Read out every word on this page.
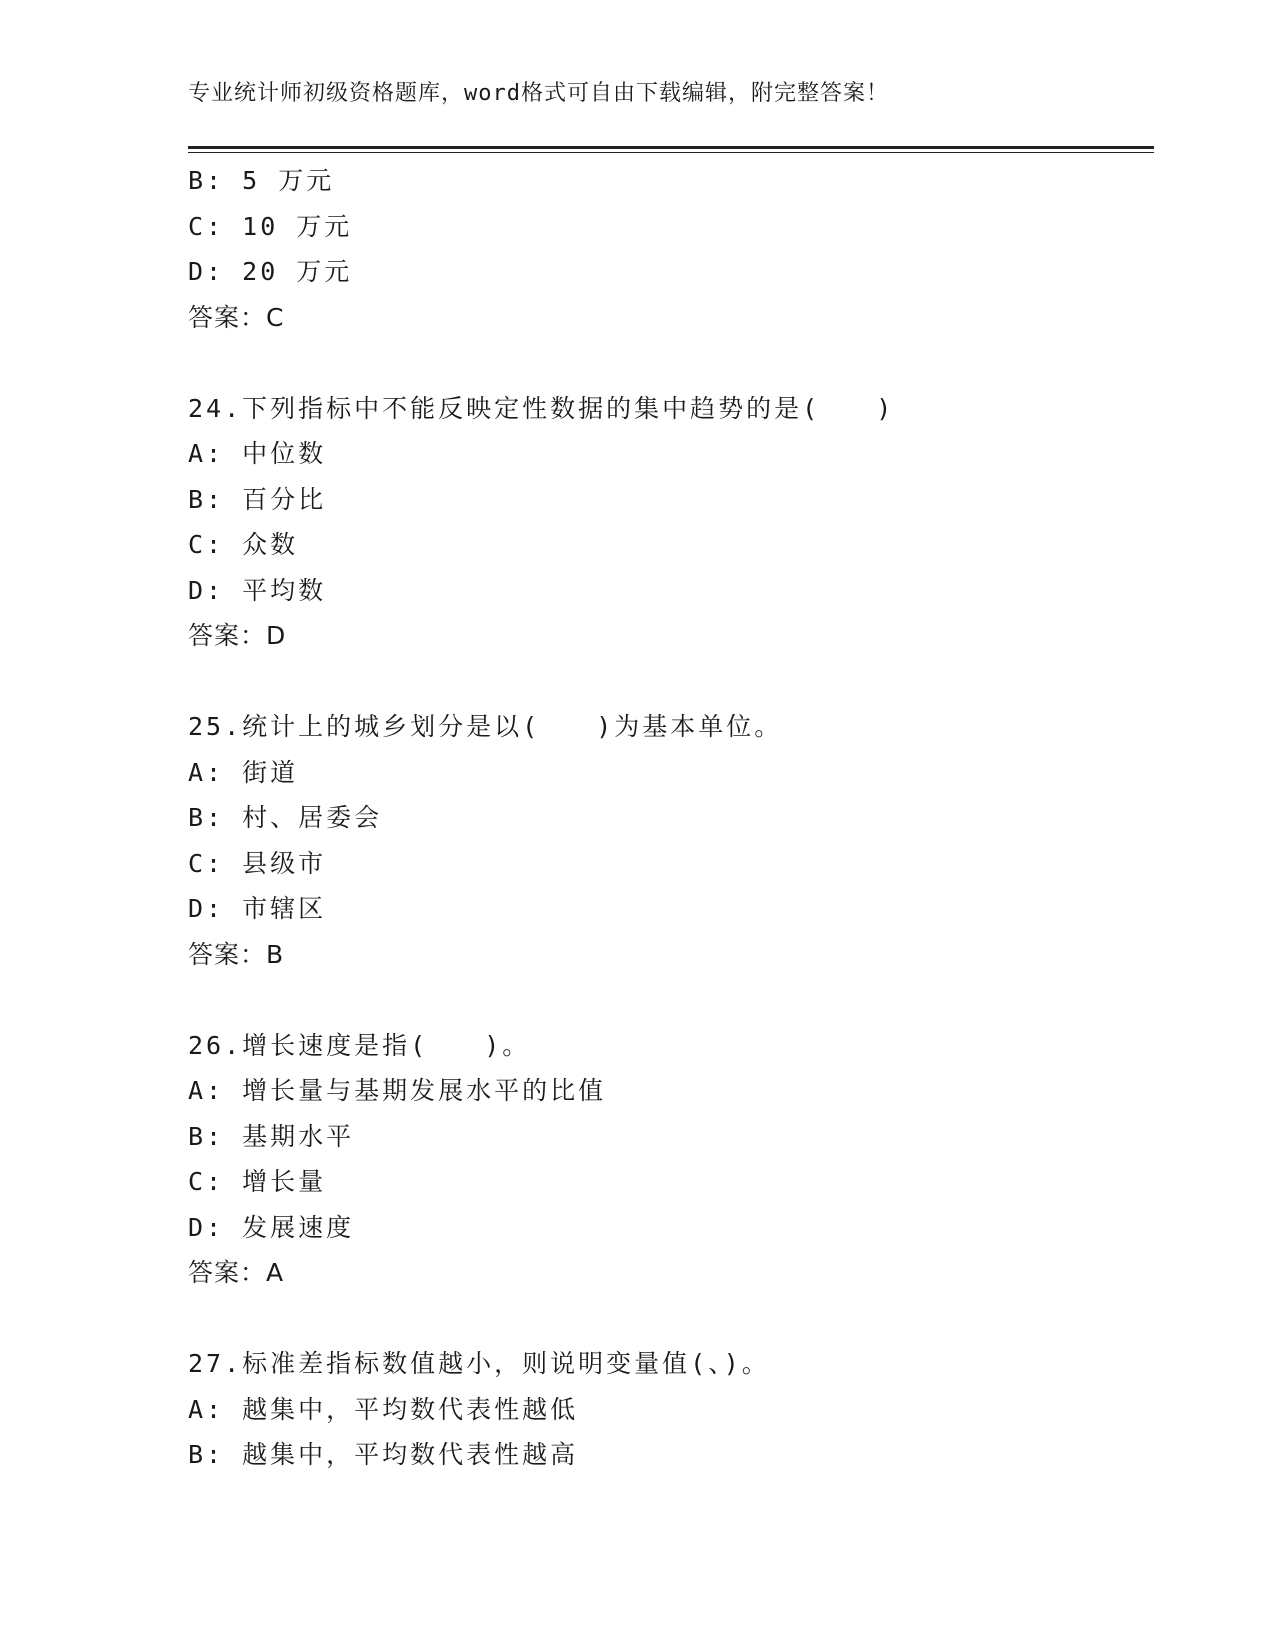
专业统计师初级资格题库，word格式可自由下载编辑，附完整答案！
B: 5 万元
C: 10 万元
D: 20 万元
答案：C
24.下列指标中不能反映定性数据的集中趋势的是(　　)
A: 中位数
B: 百分比
C: 众数
D: 平均数
答案：D
25.统计上的城乡划分是以(　　)为基本单位。
A: 街道
B: 村、居委会
C: 县级市
D: 市辖区
答案：B
26.增长速度是指(　　)。
A: 增长量与基期发展水平的比值
B: 基期水平
C: 增长量
D: 发展速度
答案：A
27.标准差指标数值越小，则说明变量值(、)。
A: 越集中，平均数代表性越低
B: 越集中，平均数代表性越高
